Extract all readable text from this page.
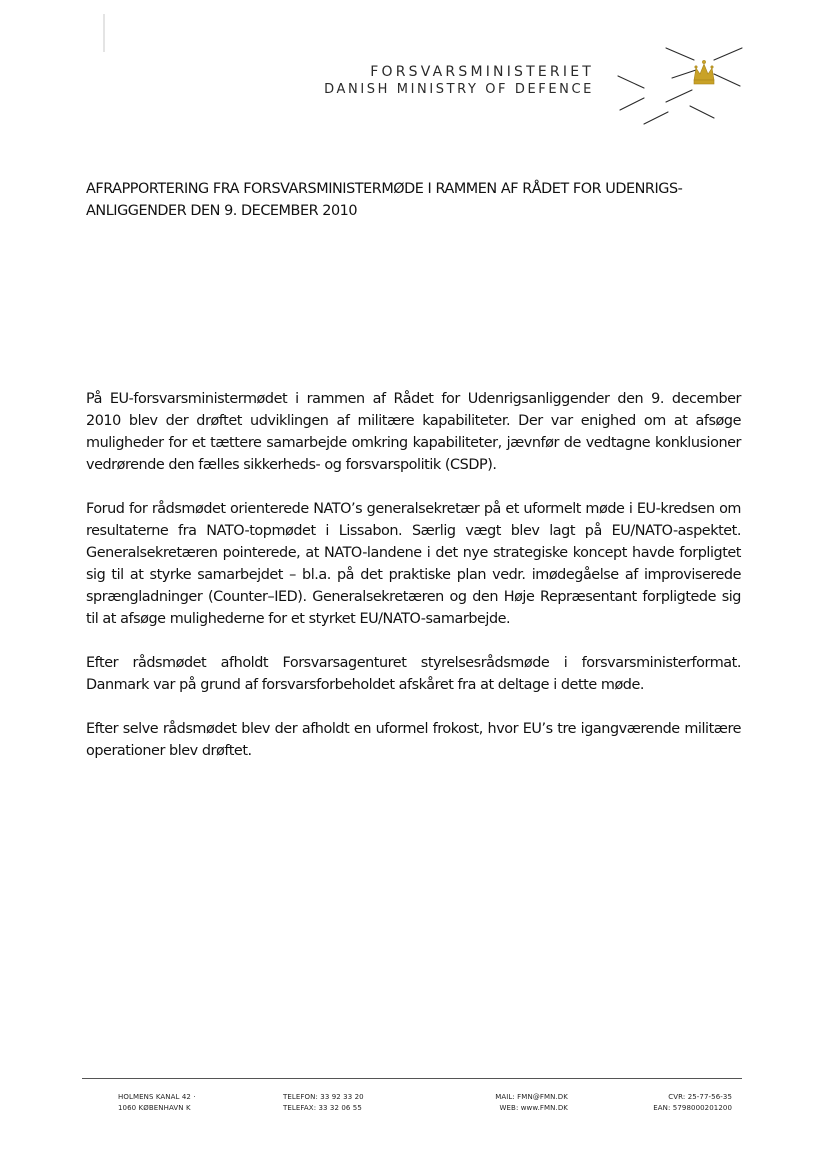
FORSVARSMINISTERIET
DANISH MINISTRY OF DEFENCE
AFRAPPORTERING FRA FORSVARSMINISTERMØDE I RAMMEN AF RÅDET FOR UDENRIGS-ANLIGGENDER DEN 9. DECEMBER 2010

På EU-forsvarsministermødet i rammen af Rådet for Udenrigsanliggender den 9. december 2010 blev der drøftet udviklingen af militære kapabiliteter. Der var enighed om at afsøge muligheder for et tættere samarbejde omkring kapabiliteter, jævnfør de vedtagne konklusioner vedrørende den fælles sikkerheds- og forsvarspolitik (CSDP).

Forud for rådsmødet orienterede NATO’s generalsekretær på et uformelt møde i EU-kredsen om resultaterne fra NATO-topmødet i Lissabon. Særlig vægt blev lagt på EU/NATO-aspektet. Generalsekretæren pointerede, at NATO-landene i det nye strategiske koncept havde forpligtet sig til at styrke samarbejdet – bl.a. på det praktiske plan vedr. imødegåelse af improviserede sprængladninger (Counter–IED). Generalsekretæren og den Høje Repræsentant forpligtede sig til at afsøge mulighederne for et styrket EU/NATO-samarbejde.

Efter rådsmødet afholdt Forsvarsagenturet styrelsesrådsmøde i forsvarsministerformat. Danmark var på grund af forsvarsforbeholdet afskåret fra at deltage i dette møde.

Efter selve rådsmødet blev der afholdt en uformel frokost, hvor EU’s tre igangværende militære operationer blev drøftet.

HOLMENS KANAL 42 ·
1060 KØBENHAVN K
TELEFON: 33 92 33 20
TELEFAX: 33 32 06 55
MAIL: FMN@FMN.DK
WEB: www.FMN.DK
CVR: 25-77-56-35
EAN: 5798000201200
